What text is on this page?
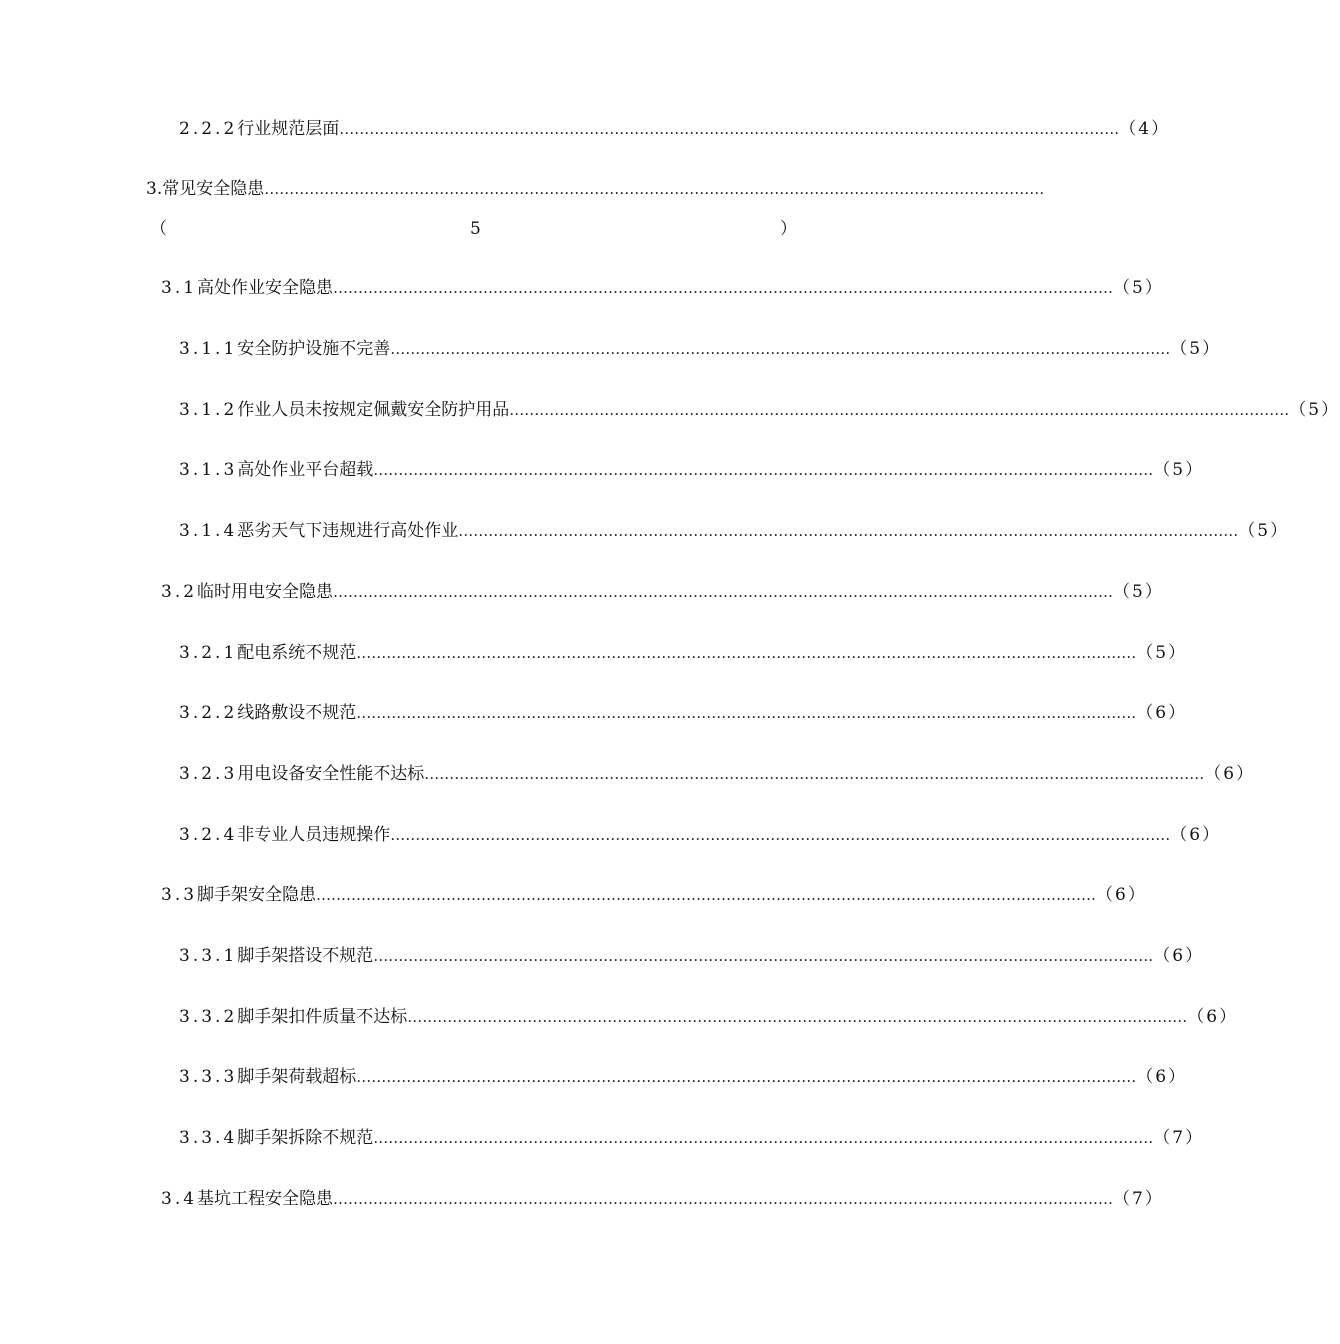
2.2.2 行业规范层面 ………………………………………………………………………………………………………………………………………… （4）
3. 常见安全隐患 …………………………………………………………………………………………………………………………………………
（	5	）
3.1 高处作业安全隐患 ………………………………………………………………………………………………………………………………………… （5）
3.1.1 安全防护设施不完善 ………………………………………………………………………………………………………………………………………… （5）
3.1.2 作业人员未按规定佩戴安全防护用品 ………………………………………………………………………………………………………………………………………… （5）
3.1.3 高处作业平台超载 ………………………………………………………………………………………………………………………………………… （5）
3.1.4 恶劣天气下违规进行高处作业 ………………………………………………………………………………………………………………………………………… （5）
3.2 临时用电安全隐患 ………………………………………………………………………………………………………………………………………… （5）
3.2.1 配电系统不规范 ………………………………………………………………………………………………………………………………………… （5）
3.2.2 线路敷设不规范 ………………………………………………………………………………………………………………………………………… （6）
3.2.3 用电设备安全性能不达标 ………………………………………………………………………………………………………………………………………… （6）
3.2.4 非专业人员违规操作 ………………………………………………………………………………………………………………………………………… （6）
3.3 脚手架安全隐患 ………………………………………………………………………………………………………………………………………… （6）
3.3.1 脚手架搭设不规范 ………………………………………………………………………………………………………………………………………… （6）
3.3.2 脚手架扣件质量不达标 ………………………………………………………………………………………………………………………………………… （6）
3.3.3 脚手架荷载超标 ………………………………………………………………………………………………………………………………………… （6）
3.3.4 脚手架拆除不规范 ………………………………………………………………………………………………………………………………………… （7）
3.4 基坑工程安全隐患 ………………………………………………………………………………………………………………………………………… （7）
